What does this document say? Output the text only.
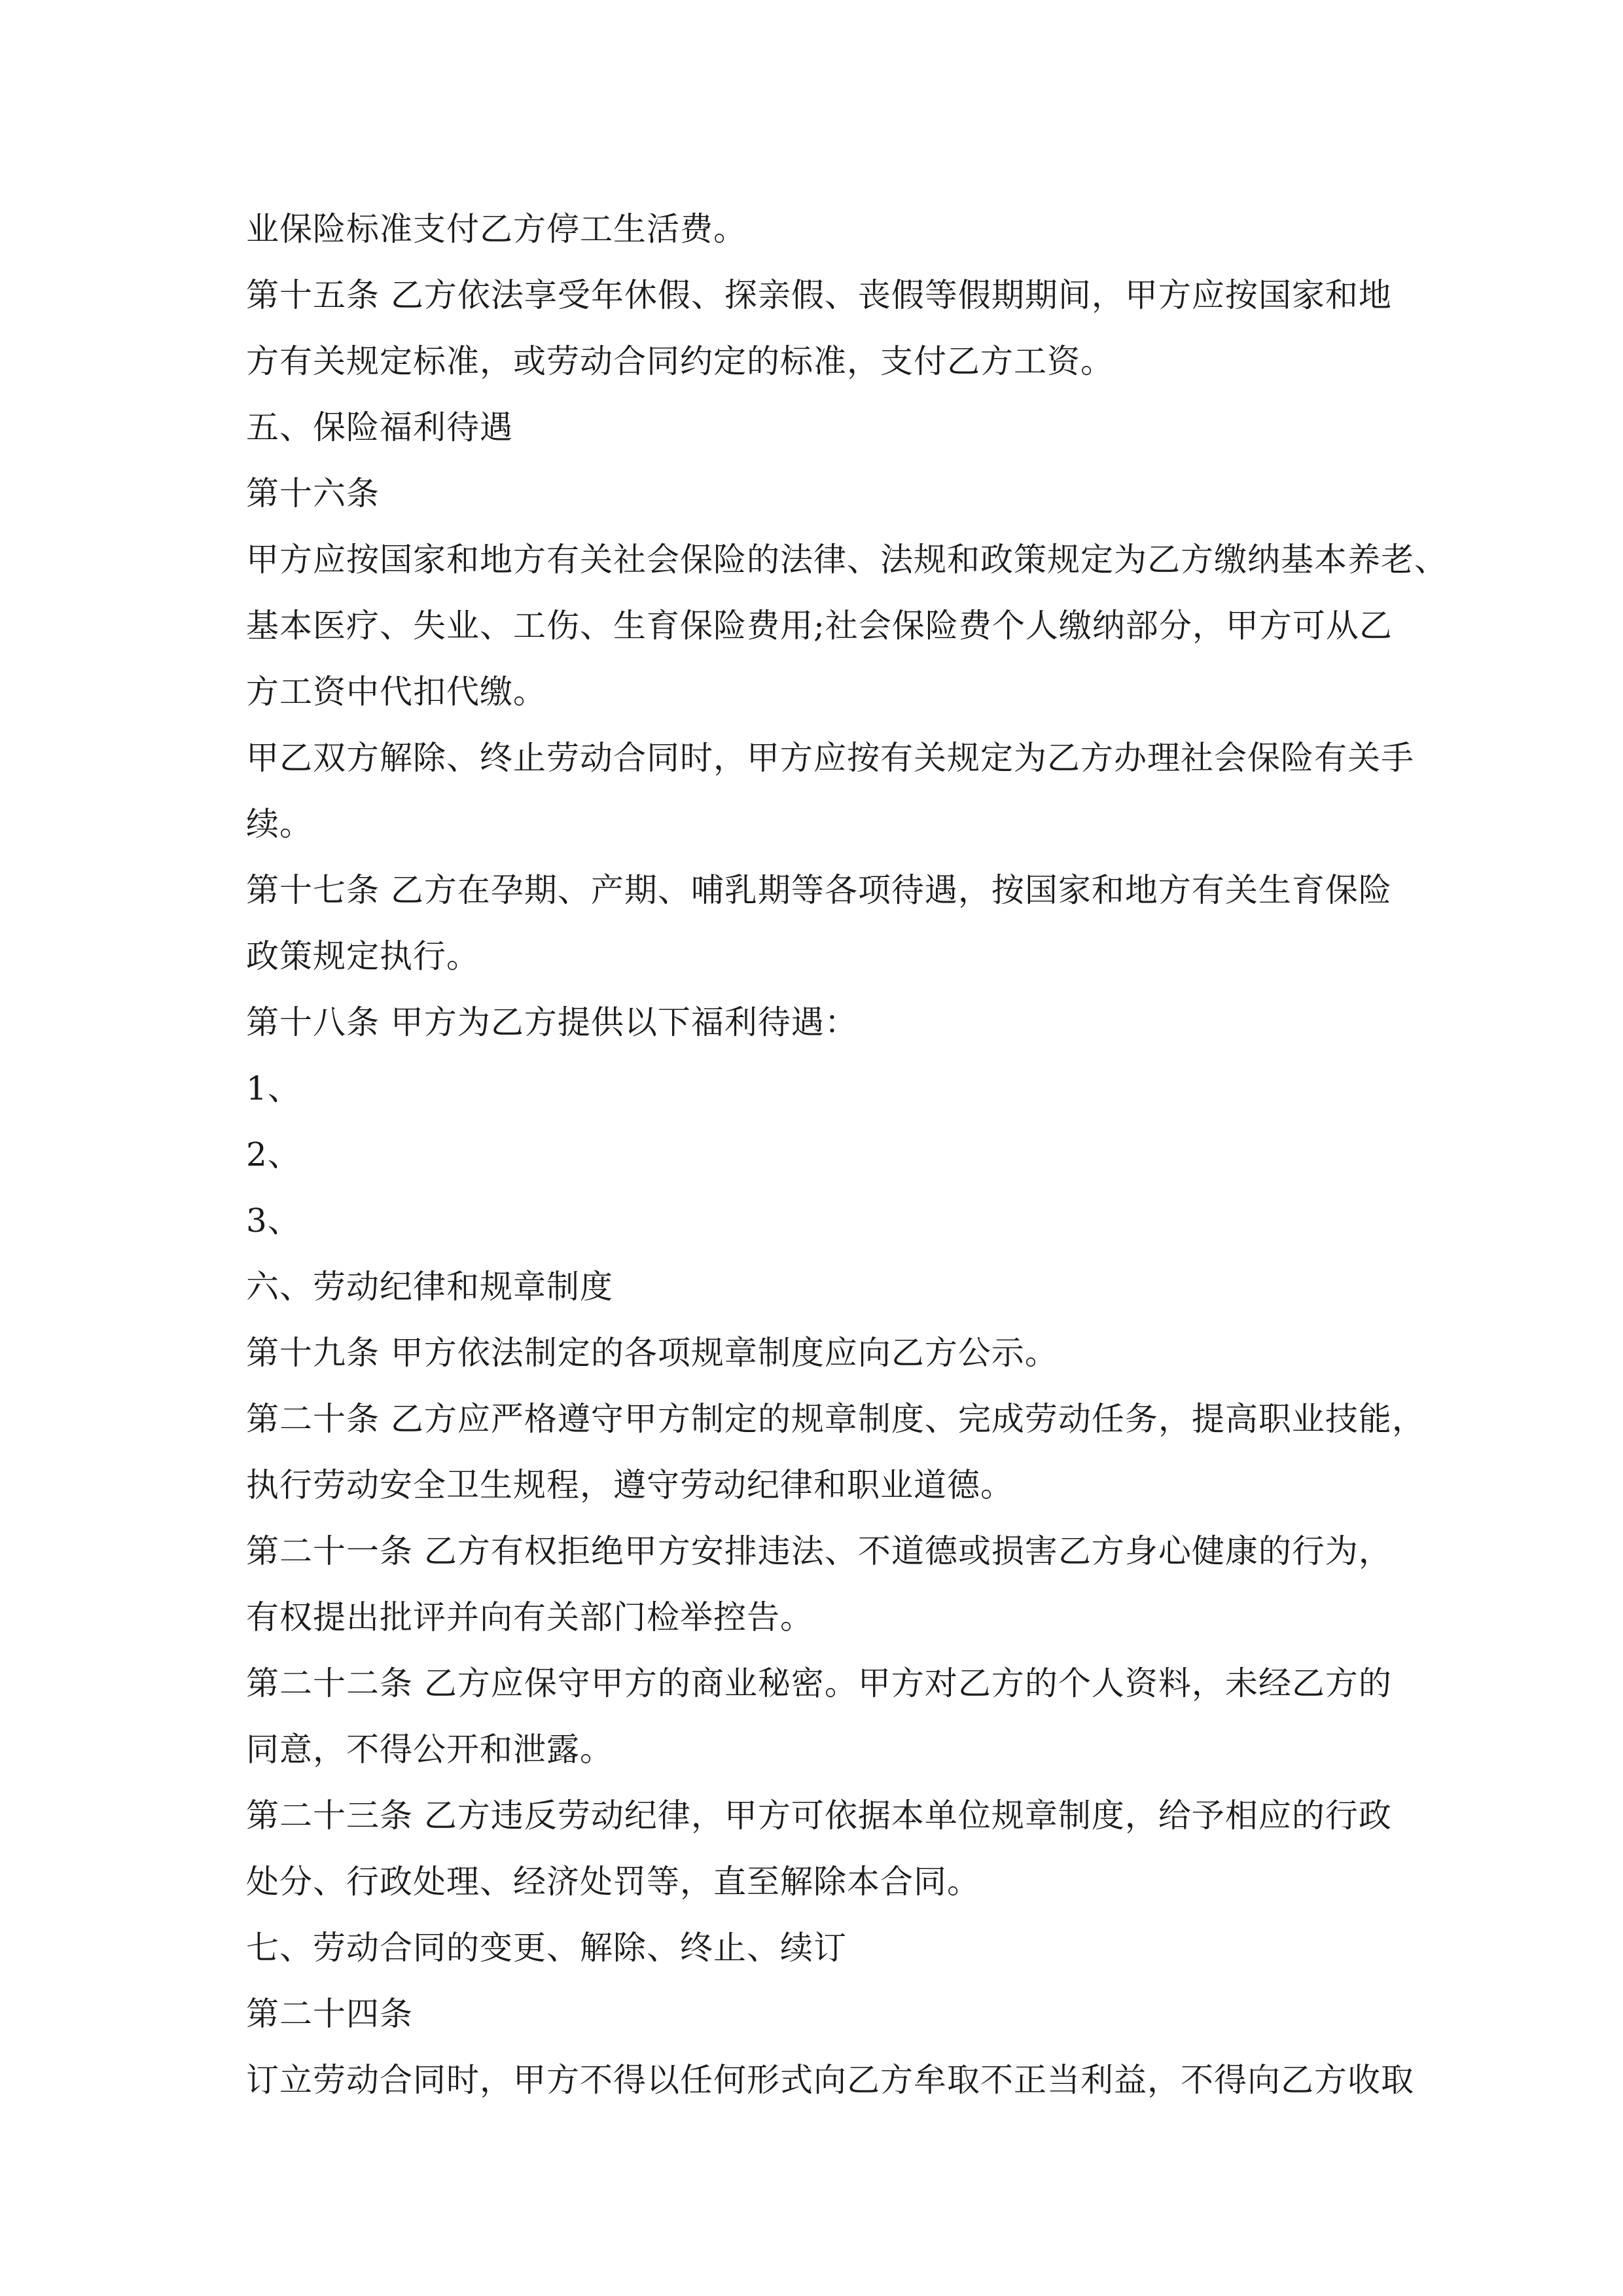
业保险标准支付乙方停工生活费。
第十五条 乙方依法享受年休假、探亲假、丧假等假期期间，甲方应按国家和地
方有关规定标准，或劳动合同约定的标准，支付乙方工资。
五、保险福利待遇
第十六条
甲方应按国家和地方有关社会保险的法律、法规和政策规定为乙方缴纳基本养老、
基本医疗、失业、工伤、生育保险费用;社会保险费个人缴纳部分，甲方可从乙
方工资中代扣代缴。
甲乙双方解除、终止劳动合同时，甲方应按有关规定为乙方办理社会保险有关手
续。
第十七条 乙方在孕期、产期、哺乳期等各项待遇，按国家和地方有关生育保险
政策规定执行。
第十八条 甲方为乙方提供以下福利待遇：
1、
2、
3、
六、劳动纪律和规章制度
第十九条 甲方依法制定的各项规章制度应向乙方公示。
第二十条 乙方应严格遵守甲方制定的规章制度、完成劳动任务，提高职业技能，
执行劳动安全卫生规程，遵守劳动纪律和职业道德。
第二十一条 乙方有权拒绝甲方安排违法、不道德或损害乙方身心健康的行为，
有权提出批评并向有关部门检举控告。
第二十二条 乙方应保守甲方的商业秘密。甲方对乙方的个人资料，未经乙方的
同意，不得公开和泄露。
第二十三条 乙方违反劳动纪律，甲方可依据本单位规章制度，给予相应的行政
处分、行政处理、经济处罚等，直至解除本合同。
七、劳动合同的变更、解除、终止、续订
第二十四条
订立劳动合同时，甲方不得以任何形式向乙方牟取不正当利益，不得向乙方收取
